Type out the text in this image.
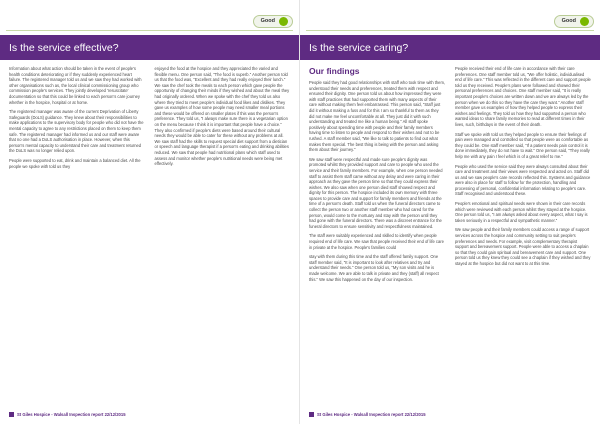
Good
Is the service effective?

Information about what action should be taken in the event of people's health conditions deteriorating or if they suddenly experienced heart failure. The registered manager told us and we saw they had worked with other organisations such as, the local clinical commissioning group who commission people's services. They jointly developed 'resuscitate' documentation so that this could be linked to each person's care journey whether in the hospice, hospital or at home.

The registered manager was aware of the current Deprivation of Liberty Safeguards (DoLS) guidance. They knew about their responsibilities to make applications to the supervisory body for people who did not have the mental capacity to agree to any restrictions placed on them to keep them safe. The registered manager had informed us and our staff were aware that no one had a DoLS authorisation in place. However, when this person's mental capacity to understand their care and treatment returned the DoLS was no longer relied upon.

People were supported to eat, drink and maintain a balanced diet. All the people we spoke with told us they

enjoyed the food at the hospice and they appreciated the varied and flexible menu. One person said, "The food is superb." Another person told us that the food was, "Excellent and they had really enjoyed their lunch." We saw the chef took the meals to each person which gave people the opportunity of changing their minds if they wished and about the meal they had originally ordered. When we spoke with the chef they told us also where they tried to meet people's individual food likes and dislikes. They gave us examples of how some people may need smaller meal portions and these would be offered on smaller plates if this was the person's preference. They told us, "I always make sure there is a vegetarian option on the menu because I think it is important that people have a choice." They also confirmed if people's diets were based around their cultural needs they would be able to cater for these without any problems at all. We saw staff had the skills to request special diet support from a dietician or speech and language therapist if a person's eating and drinking abilities reduced. We saw that people had nutritional plans which staff used to assess and monitor whether people's nutritional needs were being met effectively.

St Giles Hospice - Walsall Inspection report 22/12/2015
Good
Is the service caring?
Our findings

People said they had good relationships with staff who took time with them, understood their needs and preferences, treated them with respect and ensured their dignity. One person told us about how impressed they were with staff practices that had supported them with many aspects of their care without making them feel embarrassed. This person said, "Staff just did it without making a fuss and for this I am so thankful to them as they did not make me feel uncomfortable at all. They just did it with such understanding and treated me like a human being." All staff spoke positively about spending time with people and their family members having time to listen to people and respond to their wishes and not to be rushed. A staff member said, "We like to talk to patients to find out what makes them special. The best thing is being with the person and asking them about their journey."

We saw staff were respectful and made sure people's dignity was promoted whilst they provided support and care to people who used the service and their family members. For example, when one person needed staff to assist them staff came without any delay and were caring in their approach as they gave the person time so that they could express their wishes. We also saw when one person died staff showed respect and dignity for this person. The hospice included its own memory with three spaces to provide care and support for family members and friends at the time of a person's death. Staff told us when the funeral directors came to collect the person two or another staff member who had cared for the person, would come to the mortuary and stay with the person until they had gone with the funeral directors. There was a discreet entrance for the funeral directors to ensure sensitivity and respectfulness maintained.

The staff were suitably experienced and skilled to identify when people required end of life care. We saw that people received their end of life care in private at the hospice. People's families could

stay with them during this time and the staff offered family support. One staff member said, "It is important to look after relatives and try and understand their needs." One person told us, "My son visits and he is made welcome. We are able to talk in private and they (staff) all respect this." We saw this happened on the day of our inspection.

People received their end of life care in accordance with their care preferences. One staff member told us, "We offer holistic, individualised end of life care." This was reflected in the different care and support people told us they received. People's plans were followed and showed their personal preferences and choices. One staff member said, "It is really important people's choices are written down and we are always led by the person when we do this so they have the care they want." Another staff member gave us examples of how they helped people to express their wishes and feelings. They told us how they had supported a person who wanted ideas to share family memories to read at different times in their lives, such, birthdays in the event of their death.

Staff we spoke with told us they helped people to ensure their feelings of pain were managed and controlled so that people were as comfortable as they could be. One staff member said, "If a patient needs pain control it is done immediately, they do not have to wait." One person said, "They really help me with any pain I feel which is of a great relief to me."

People who used the service said they were always consulted about their care and treatment and their views were respected and acted on. Staff did us and we saw people's care records reflected this. Systems and guidance were also in place for staff to follow for the protection, handling and processing of personal, confidential information relating to people's care. Staff recognised and understood these.

People's emotional and spiritual needs were shown in their care records which were reviewed with each person whilst they stayed at the hospice. One person told us, "I am always asked about every aspect, what I say is taken seriously in a respectful and sympathetic manner."

We saw people and their family members could access a range of support services across the hospice and community setting to suit people's preferences and needs. For example, visit complementary therapist support and bereavement support. People were able to access a chaplain so that they could gain spiritual and bereavement care and support. One person told us they knew they could see a chaplain if they wished and they stayed at the hospice but did not want to at this time.

St Giles Hospice - Walsall Inspection report 22/12/2015
